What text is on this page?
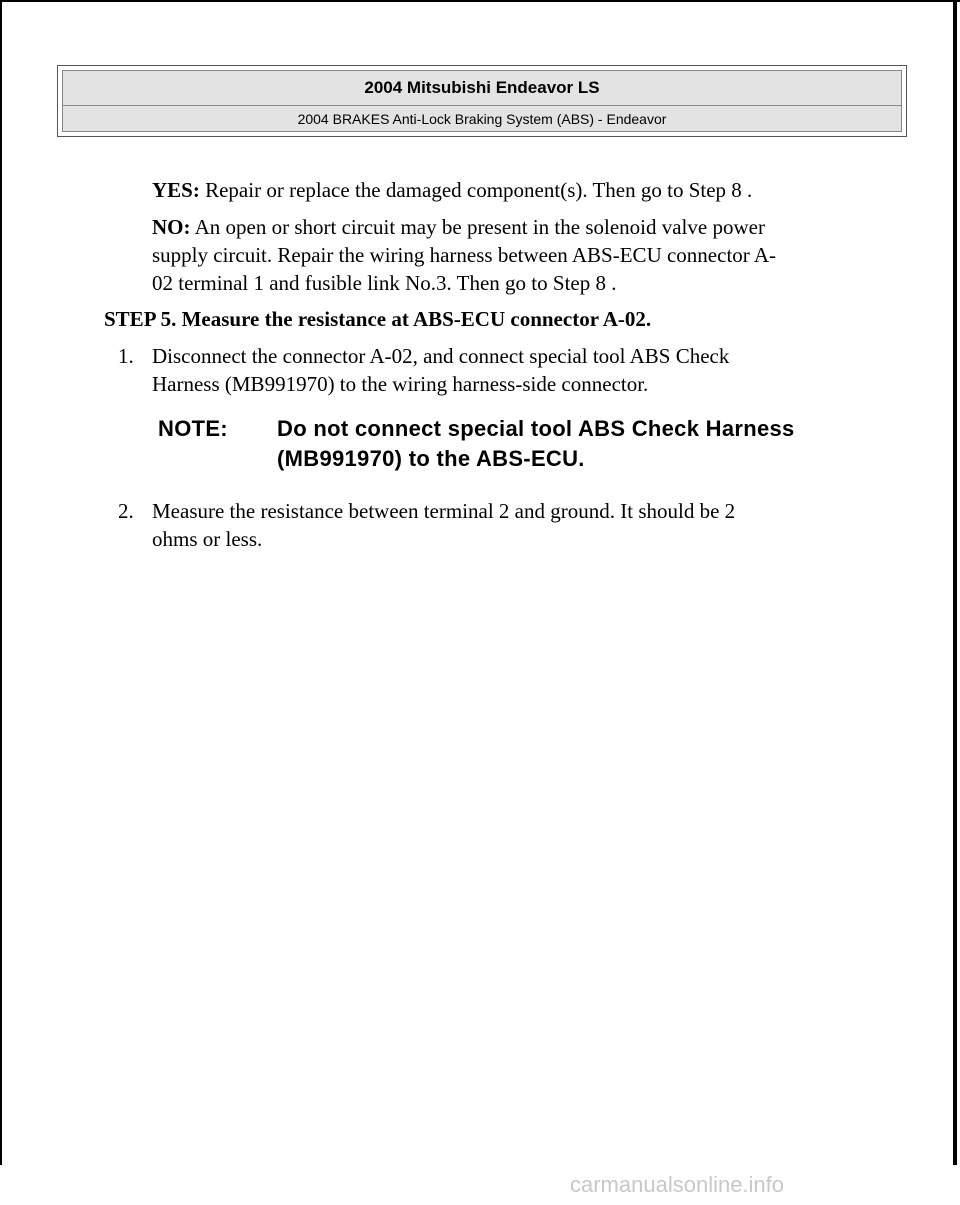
2004 Mitsubishi Endeavor LS
2004 BRAKES Anti-Lock Braking System (ABS) - Endeavor
YES: Repair or replace the damaged component(s). Then go to Step 8 .
NO: An open or short circuit may be present in the solenoid valve power
supply circuit. Repair the wiring harness between ABS-ECU connector A-
02 terminal 1 and fusible link No.3. Then go to Step 8 .
STEP 5. Measure the resistance at ABS-ECU connector A-02.
1. Disconnect the connector A-02, and connect special tool ABS Check
Harness (MB991970) to the wiring harness-side connector.
NOTE: Do not connect special tool ABS Check Harness
(MB991970) to the ABS-ECU.
2. Measure the resistance between terminal 2 and ground. It should be 2
ohms or less.
carmanualsonline.info
